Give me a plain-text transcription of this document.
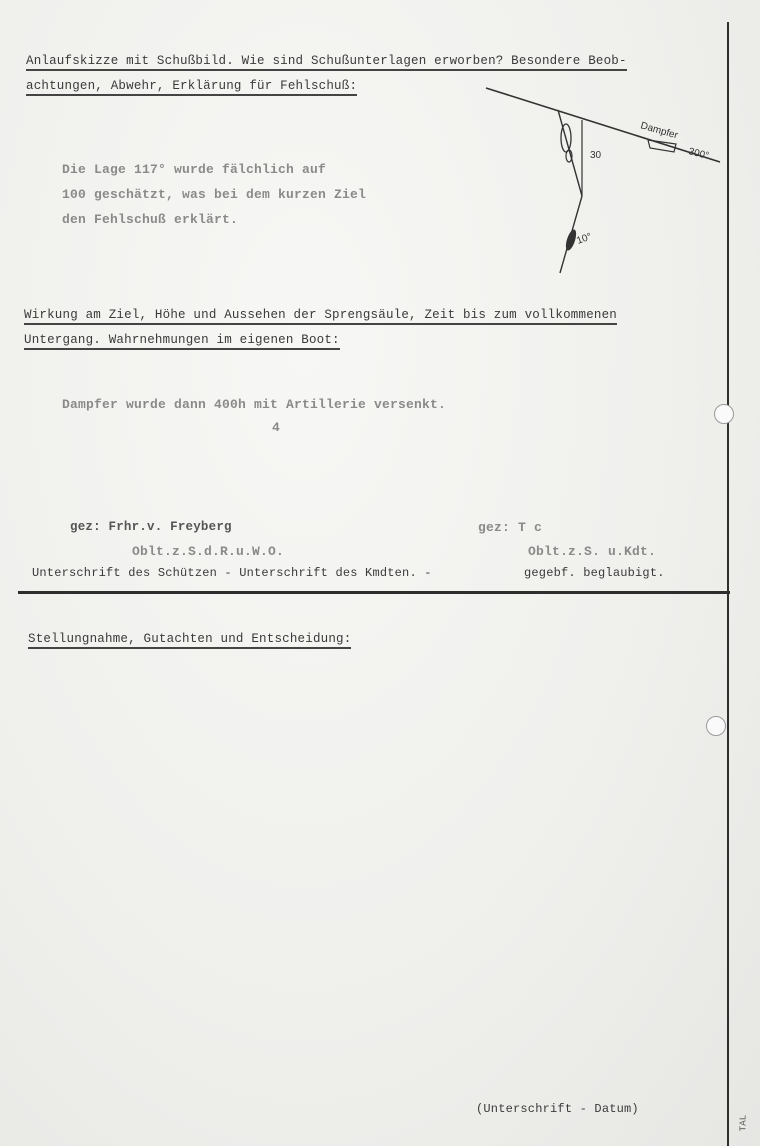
Anlaufskizze mit Schußbild. Wie sind Schußunterlagen erworben? Besondere Beob-
achtungen, Abwehr, Erklärung für Fehlschuß:
Die Lage 117° wurde fälchlich auf
100 geschätzt, was bei dem kurzen Ziel
den Fehlschuß erklärt.
Dampfer
30	300°
10°
Wirkung am Ziel, Höhe und Aussehen der Sprengsäule, Zeit bis zum vollkommenen
Untergang. Wahrnehmungen im eigenen Boot:
Dampfer wurde dann 400h mit Artillerie versenkt.
4
gez: Frhr.v. Freyberg
Oblt.z.S.d.R.u.W.O.
gez: T c
Oblt.z.S. u.Kdt.
Unterschrift des Schützen - Unterschrift des Kmdten. -	gegebf. beglaubigt.
Stellungnahme, Gutachten und Entscheidung:
(Unterschrift - Datum)
TAL
